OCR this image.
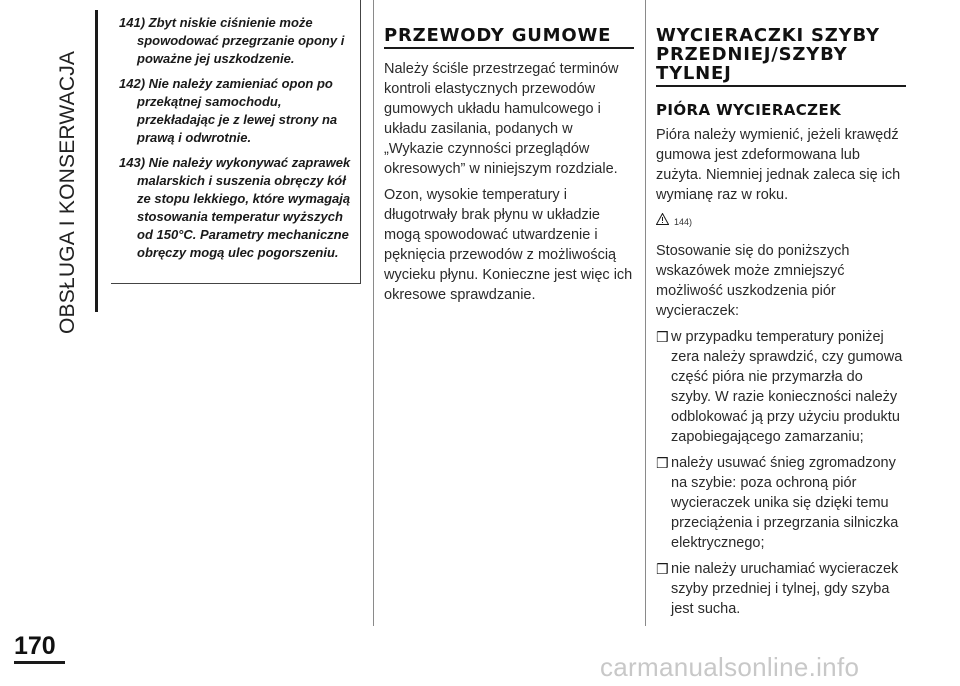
OBSŁUGA I KONSERWACJA
170

141) Zbyt niskie ciśnienie może spowodować przegrzanie opony i poważne jej uszkodzenie.

142) Nie należy zamieniać opon po przekątnej samochodu, przekładając je z lewej strony na prawą i odwrotnie.

143) Nie należy wykonywać zaprawek malarskich i suszenia obręczy kół ze stopu lekkiego, które wymagają stosowania temperatur wyższych od 150°C. Parametry mechaniczne obręczy mogą ulec pogorszeniu.

PRZEWODY GUMOWE

Należy ściśle przestrzegać terminów kontroli elastycznych przewodów gumowych układu hamulcowego i układu zasilania, podanych w „Wykazie czynności przeglądów okresowych” w niniejszym rozdziale.

Ozon, wysokie temperatury i długotrwały brak płynu w układzie mogą spowodować utwardzenie i pęknięcia przewodów z możliwością wycieku płynu. Konieczne jest więc ich okresowe sprawdzanie.

WYCIERACZKI SZYBY PRZEDNIEJ/SZYBY TYLNEJ
PIÓRA WYCIERACZEK

Pióra należy wymienić, jeżeli krawędź gumowa jest zdeformowana lub zużyta. Niemniej jednak zaleca się ich wymianę raz w roku.

144)

Stosowanie się do poniższych wskazówek może zmniejszyć możliwość uszkodzenia piór wycieraczek:

❒ w przypadku temperatury poniżej zera należy sprawdzić, czy gumowa część pióra nie przymarzła do szyby. W razie konieczności należy odblokować ją przy użyciu produktu zapobiegającego zamarzaniu;
❒ należy usuwać śnieg zgromadzony na szybie: poza ochroną piór wycieraczek unika się dzięki temu przeciążenia i przegrzania silniczka elektrycznego;
❒ nie należy uruchamiać wycieraczek szyby przedniej i tylnej, gdy szyba jest sucha.
carmanualsonline.info
